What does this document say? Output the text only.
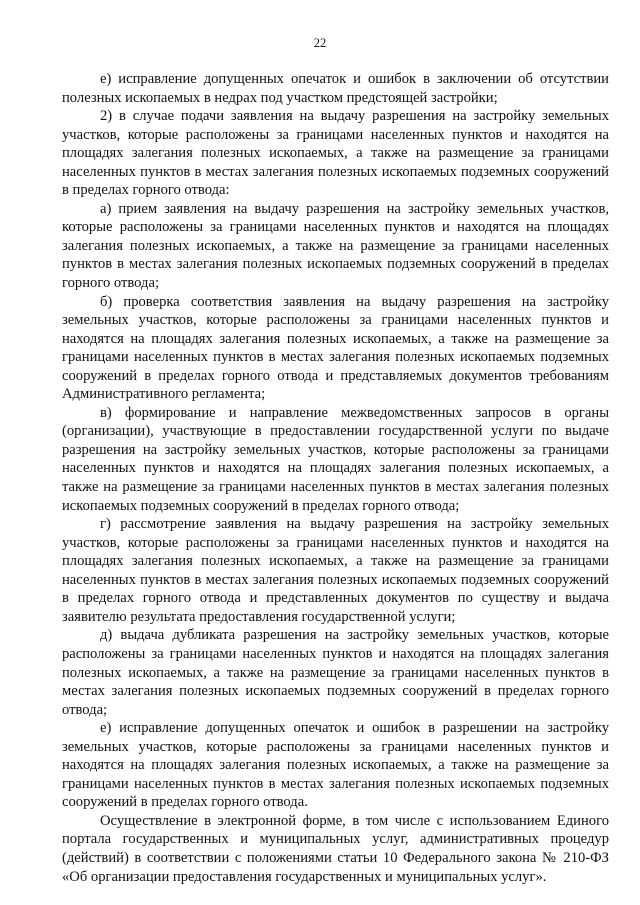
22

е) исправление допущенных опечаток и ошибок в заключении об отсутствии полезных ископаемых в недрах под участком предстоящей застройки;

2) в случае подачи заявления на выдачу разрешения на застройку земельных участков, которые расположены за границами населенных пунктов и находятся на площадях залегания полезных ископаемых, а также на размещение за границами населенных пунктов в местах залегания полезных ископаемых подземных сооружений в пределах горного отвода:

а) прием заявления на выдачу разрешения на застройку земельных участков, которые расположены за границами населенных пунктов и находятся на площадях залегания полезных ископаемых, а также на размещение за границами населенных пунктов в местах залегания полезных ископаемых подземных сооружений в пределах горного отвода;

б) проверка соответствия заявления на выдачу разрешения на застройку земельных участков, которые расположены за границами населенных пунктов и находятся на площадях залегания полезных ископаемых, а также на размещение за границами населенных пунктов в местах залегания полезных ископаемых подземных сооружений в пределах горного отвода и представляемых документов требованиям Административного регламента;

в) формирование и направление межведомственных запросов в органы (организации), участвующие в предоставлении государственной услуги по выдаче разрешения на застройку земельных участков, которые расположены за границами населенных пунктов и находятся на площадях залегания полезных ископаемых, а также на размещение за границами населенных пунктов в местах залегания полезных ископаемых подземных сооружений в пределах горного отвода;

г) рассмотрение заявления на выдачу разрешения на застройку земельных участков, которые расположены за границами населенных пунктов и находятся на площадях залегания полезных ископаемых, а также на размещение за границами населенных пунктов в местах залегания полезных ископаемых подземных сооружений в пределах горного отвода и представленных документов по существу и выдача заявителю результата предоставления государственной услуги;

д) выдача дубликата разрешения на застройку земельных участков, которые расположены за границами населенных пунктов и находятся на площадях залегания полезных ископаемых, а также на размещение за границами населенных пунктов в местах залегания полезных ископаемых подземных сооружений в пределах горного отвода;

е) исправление допущенных опечаток и ошибок в разрешении на застройку земельных участков, которые расположены за границами населенных пунктов и находятся на площадях залегания полезных ископаемых, а также на размещение за границами населенных пунктов в местах залегания полезных ископаемых подземных сооружений в пределах горного отвода.

Осуществление в электронной форме, в том числе с использованием Единого портала государственных и муниципальных услуг, административных процедур (действий) в соответствии с положениями статьи 10 Федерального закона № 210-ФЗ «Об организации предоставления государственных и муниципальных услуг».
